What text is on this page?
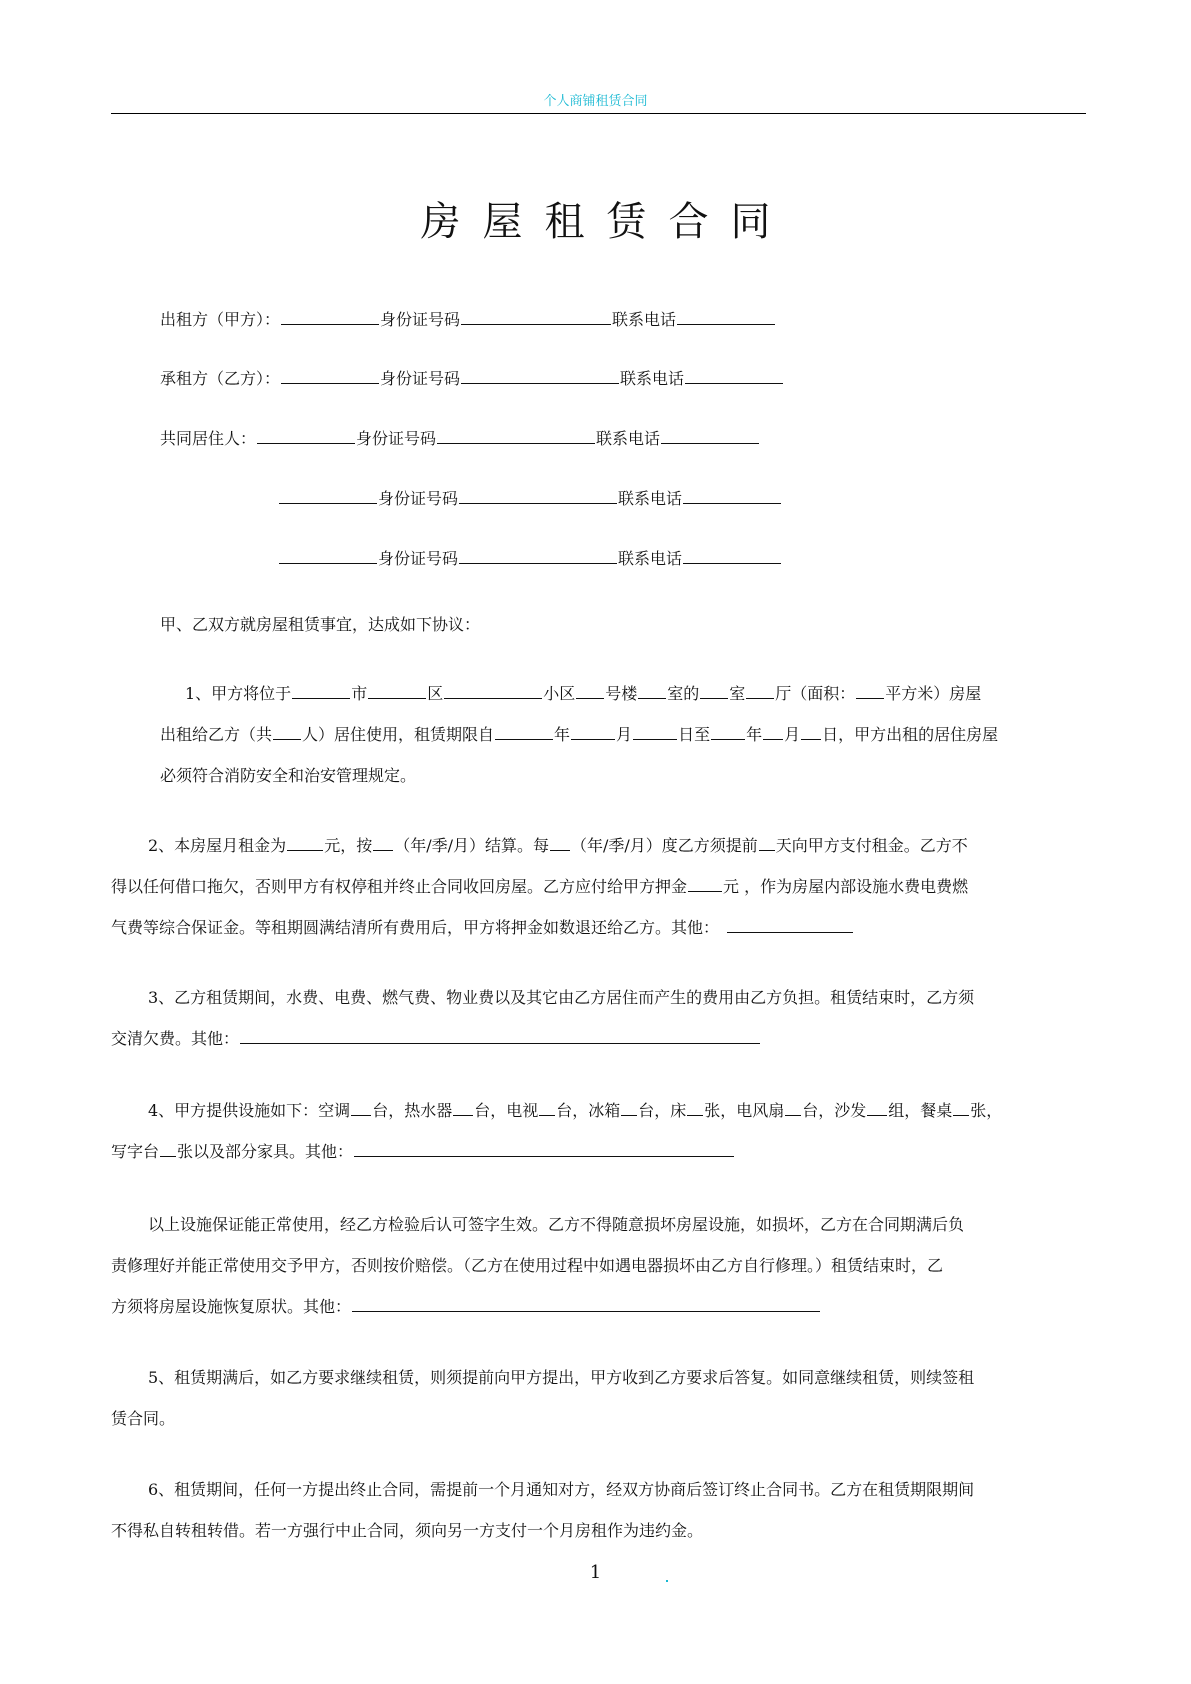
个人商铺租赁合同
房屋租赁合同
出租方（甲方）：	身份证号码	联系电话
承租方（乙方）：	身份证号码	联系电话
共同居住人：	身份证号码	联系电话
身份证号码	联系电话
身份证号码	联系电话
甲、乙双方就房屋租赁事宜，达成如下协议：
1、甲方将位于	市	区	小区 号楼 室的 室 厅（面积： 平方米）房屋
出租给乙方（共 人）居住使用，租赁期限自	年	月	日至 年 月 日，甲方出租的居住房屋
必须符合消防安全和治安管理规定。
2、本房屋月租金为 元，按 （年/季/月）结算。每 （年/季/月）度乙方须提前 天向甲方支付租金。乙方不
得以任何借口拖欠，否则甲方有权停租并终止合同收回房屋。乙方应付给甲方押金 元 ，作为房屋内部设施水费电费燃
气费等综合保证金。等租期圆满结清所有费用后，甲方将押金如数退还给乙方。其他：
3、乙方租赁期间，水费、电费、燃气费、物业费以及其它由乙方居住而产生的费用由乙方负担。租赁结束时，乙方须
交清欠费。其他：
4、甲方提供设施如下：空调 台，热水器 台，电视 台，冰箱 台，床 张，电风扇 台，沙发 组，餐桌 张，
写字台 张以及部分家具。其他：
以上设施保证能正常使用，经乙方检验后认可签字生效。乙方不得随意损坏房屋设施，如损坏，乙方在合同期满后负
责修理好并能正常使用交予甲方，否则按价赔偿。（乙方在使用过程中如遇电器损坏由乙方自行修理。）租赁结束时，乙
方须将房屋设施恢复原状。其他：
5、租赁期满后，如乙方要求继续租赁，则须提前向甲方提出，甲方收到乙方要求后答复。如同意继续租赁，则续签租
赁合同。
6、租赁期间，任何一方提出终止合同，需提前一个月通知对方，经双方协商后签订终止合同书。乙方在租赁期限期间
不得私自转租转借。若一方强行中止合同，须向另一方支付一个月房租作为违约金。
1
